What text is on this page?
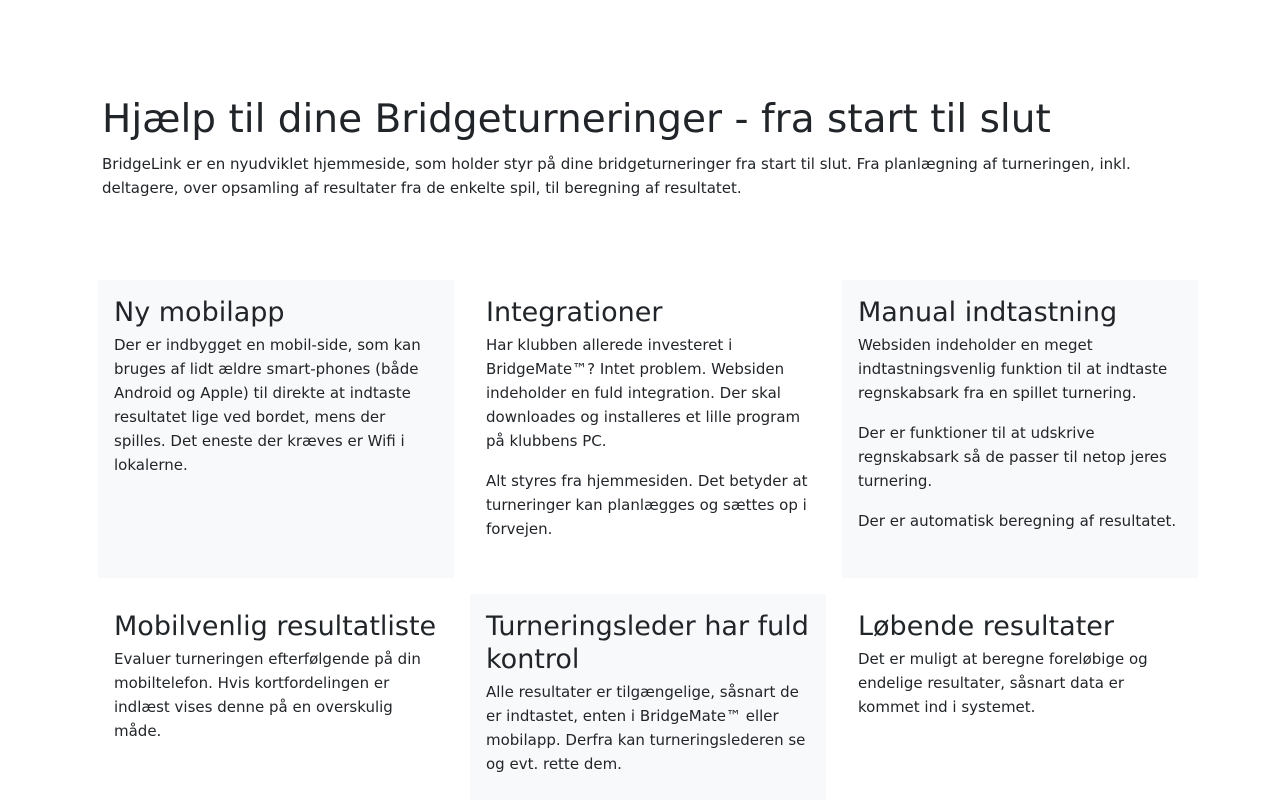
Hjælp til dine Bridgeturneringer - fra start til slut

BridgeLink er en nyudviklet hjemmeside, som holder styr på dine bridgeturneringer fra start til slut. Fra planlægning af turneringen, inkl. deltagere, over opsamling af resultater fra de enkelte spil, til beregning af resultatet.

Ny mobilapp

Der er indbygget en mobil-side, som kan bruges af lidt ældre smart-phones (både Android og Apple) til direkte at indtaste resultatet lige ved bordet, mens der spilles. Det eneste der kræves er Wifi i lokalerne.

Integrationer

Har klubben allerede investeret i BridgeMate™? Intet problem. Websiden indeholder en fuld integration. Der skal downloades og installeres et lille program på klubbens PC.

Alt styres fra hjemmesiden. Det betyder at turneringer kan planlægges og sættes op i forvejen.

Manual indtastning

Websiden indeholder en meget indtastningsvenlig funktion til at indtaste regnskabsark fra en spillet turnering.

Der er funktioner til at udskrive regnskabsark så de passer til netop jeres turnering.

Der er automatisk beregning af resultatet.

Mobilvenlig resultatliste

Evaluer turneringen efterfølgende på din mobiltelefon. Hvis kortfordelingen er indlæst vises denne på en overskulig måde.

Turneringsleder har fuld kontrol

Alle resultater er tilgængelige, såsnart de er indtastet, enten i BridgeMate™ eller mobilapp. Derfra kan turneringslederen se og evt. rette dem.

Løbende resultater

Det er muligt at beregne foreløbige og endelige resultater, såsnart data er kommet ind i systemet.
